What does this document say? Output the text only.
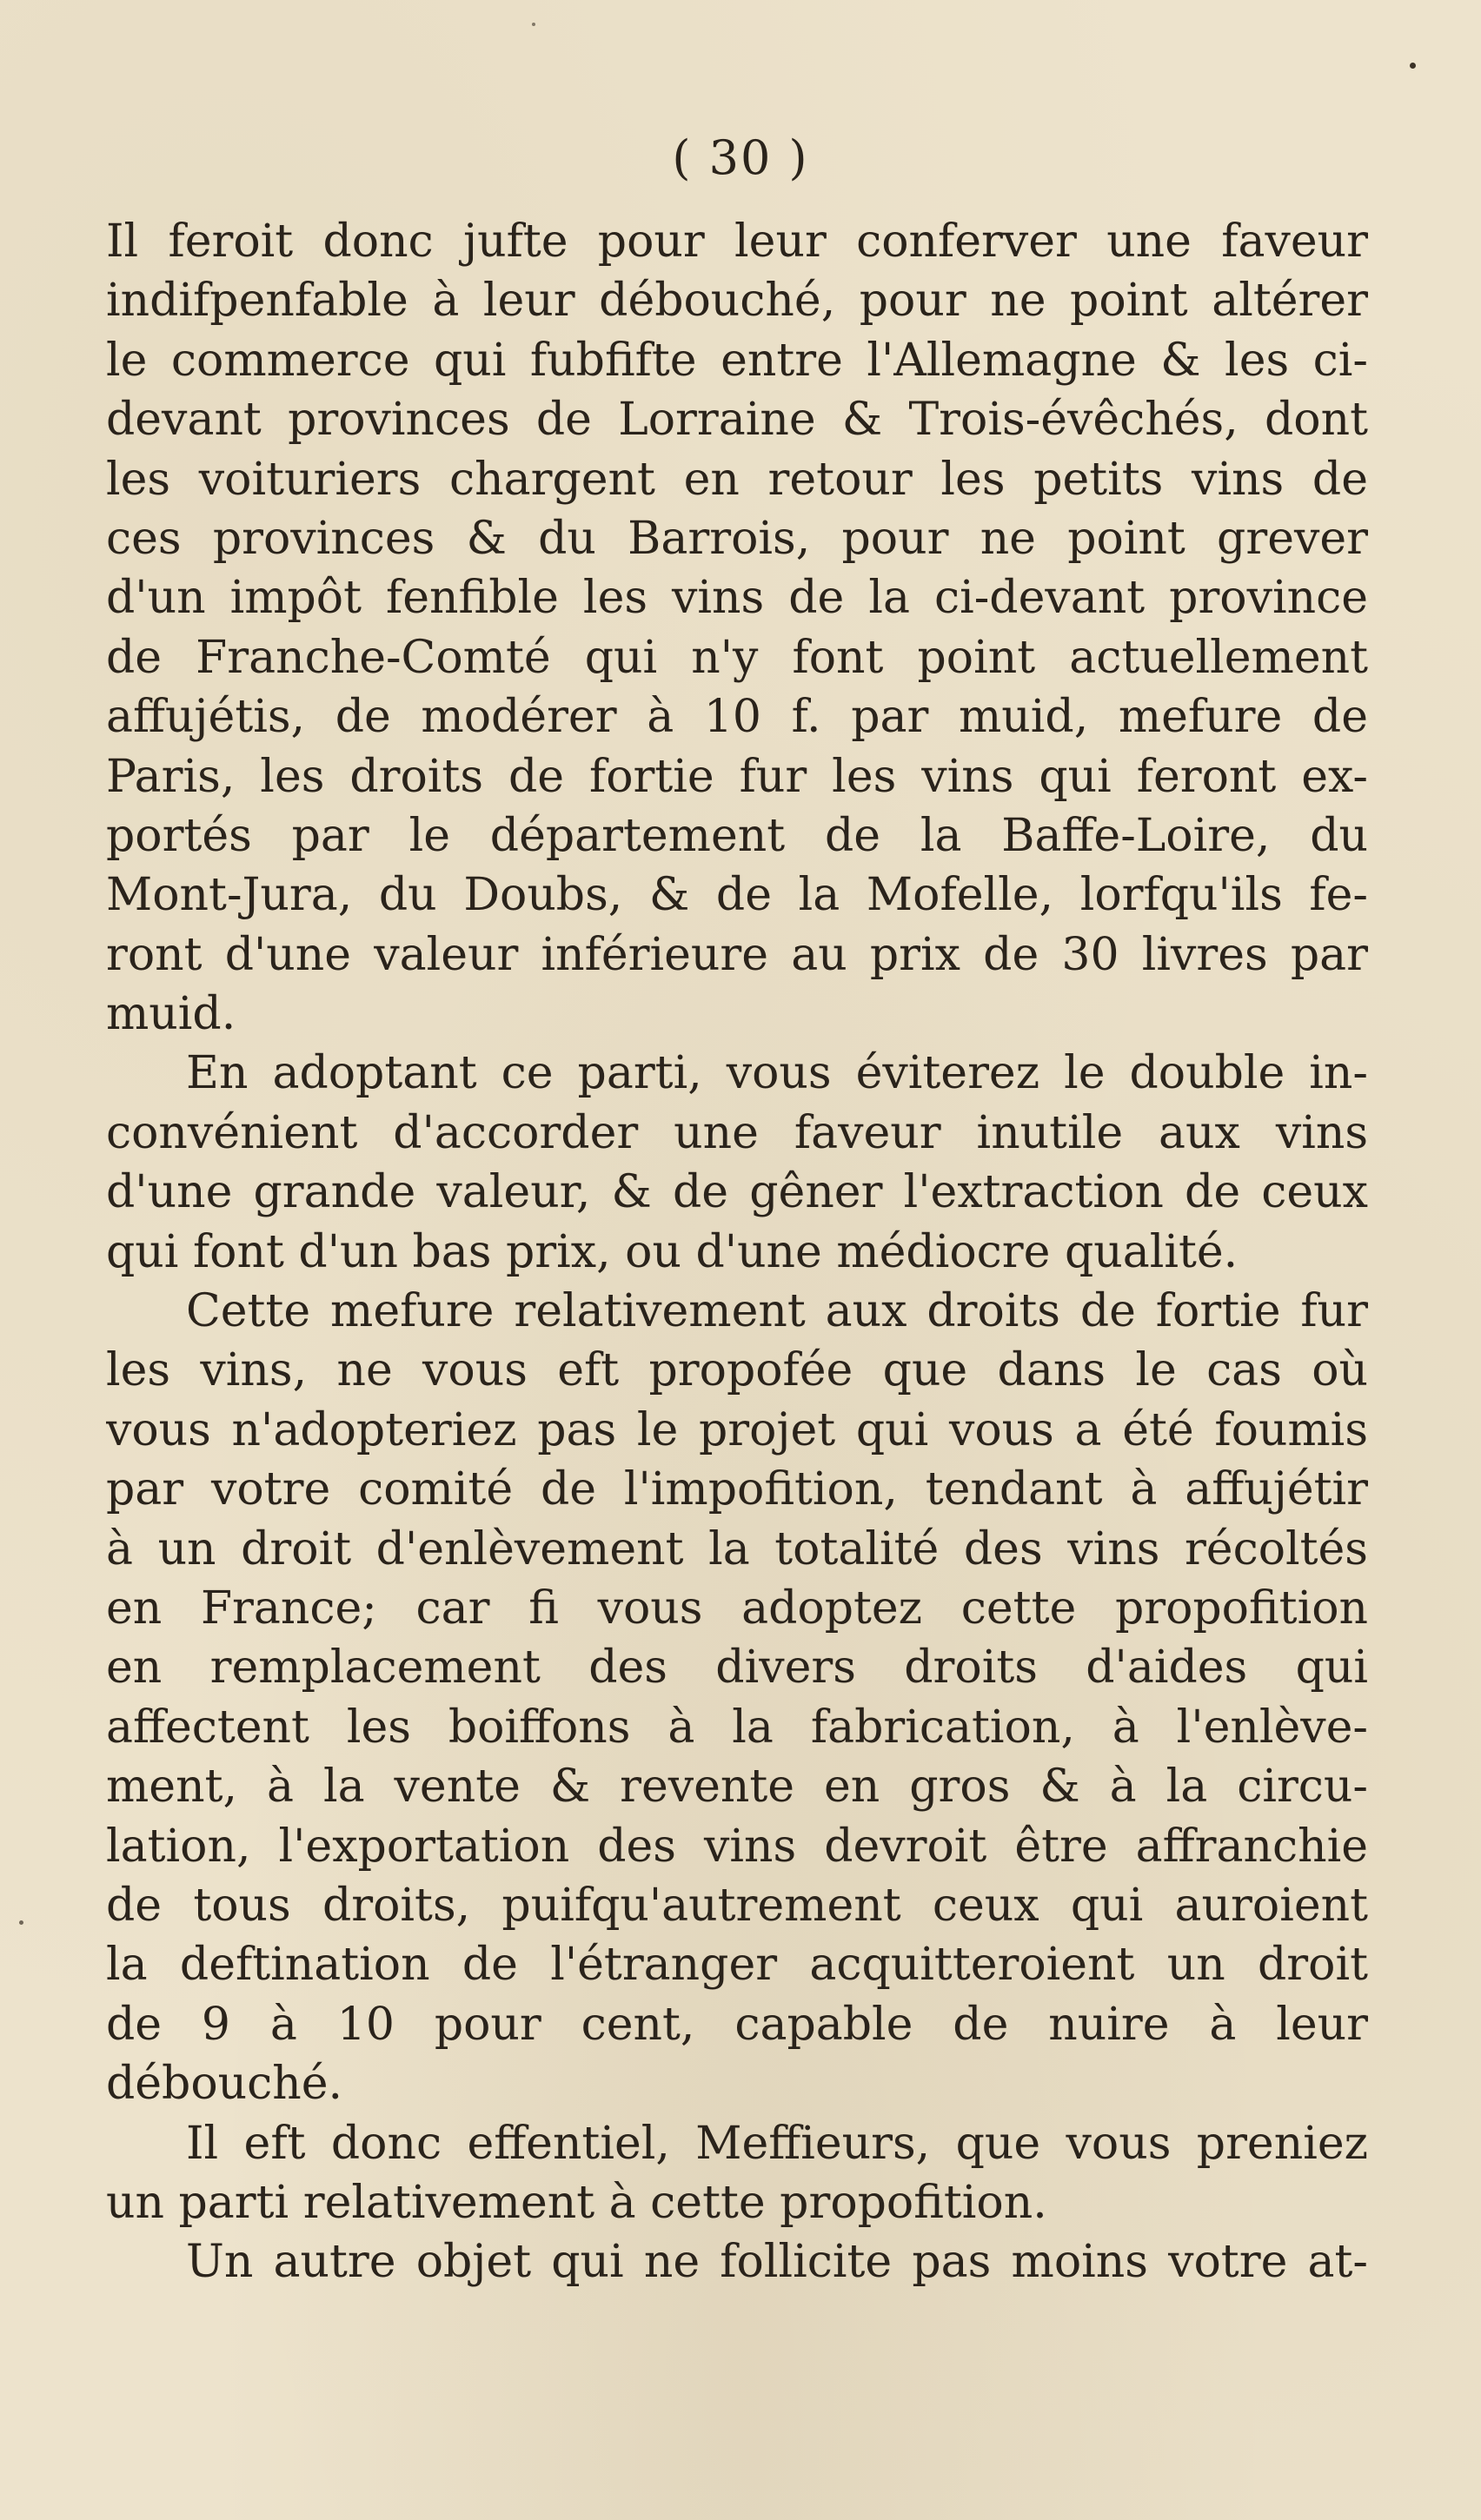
( 30 )
Il feroit donc jufte pour leur conferver une faveur
indifpenfable à leur débouché, pour ne point altérer
le commerce qui fubfifte entre l'Allemagne & les ci-
devant provinces de Lorraine & Trois-évêchés, dont
les voituriers chargent en retour les petits vins de
ces provinces & du Barrois, pour ne point grever
d'un impôt fenfible les vins de la ci-devant province
de Franche-Comté qui n'y font point actuellement
affujétis, de modérer à 10 f. par muid, mefure de
Paris, les droits de fortie fur les vins qui feront ex-
portés par le département de la Baffe-Loire, du
Mont-Jura, du Doubs, & de la Mofelle, lorfqu'ils fe-
ront d'une valeur inférieure au prix de 30 livres par
muid.
En adoptant ce parti, vous éviterez le double in-
convénient d'accorder une faveur inutile aux vins
d'une grande valeur, & de gêner l'extraction de ceux
qui font d'un bas prix, ou d'une médiocre qualité.
Cette mefure relativement aux droits de fortie fur
les vins, ne vous eft propofée que dans le cas où
vous n'adopteriez pas le projet qui vous a été foumis
par votre comité de l'impofition, tendant à affujétir
à un droit d'enlèvement la totalité des vins récoltés
en France; car fi vous adoptez cette propofition
en remplacement des divers droits d'aides qui
affectent les boiffons à la fabrication, à l'enlève-
ment, à la vente & revente en gros & à la circu-
lation, l'exportation des vins devroit être affranchie
de tous droits, puifqu'autrement ceux qui auroient
la deftination de l'étranger acquitteroient un droit
de 9 à 10 pour cent, capable de nuire à leur
débouché.
Il eft donc effentiel, Meffieurs, que vous preniez
un parti relativement à cette propofition.
Un autre objet qui ne follicite pas moins votre at-
